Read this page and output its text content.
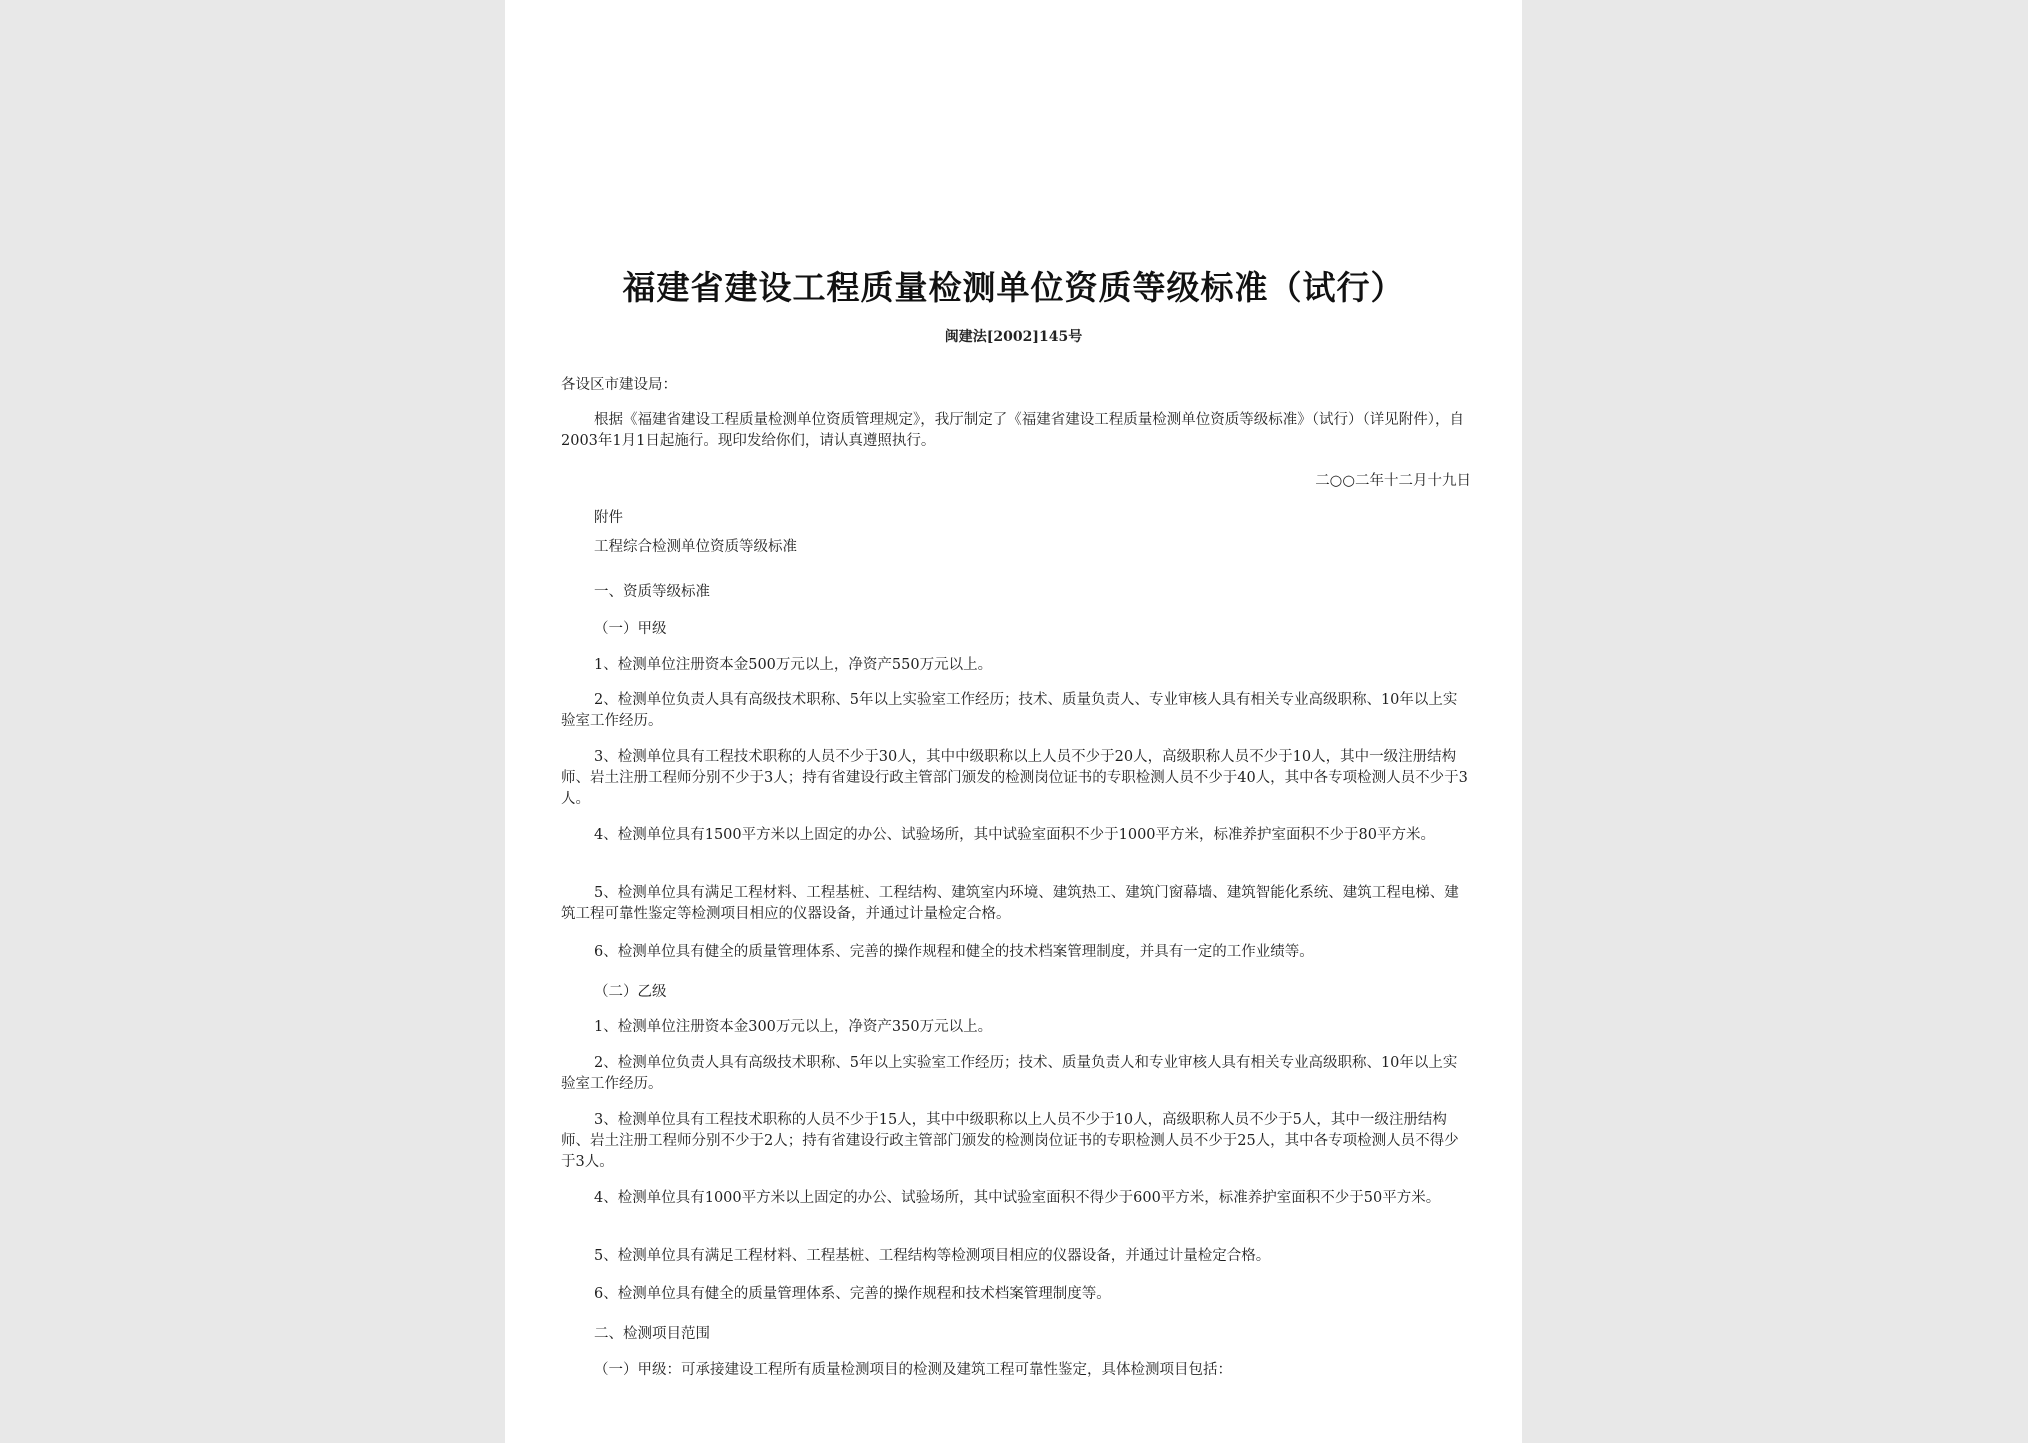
福建省建设工程质量检测单位资质等级标准（试行）
闽建法[2002]145号
各设区市建设局：
根据《福建省建设工程质量检测单位资质管理规定》，我厅制定了《福建省建设工程质量检测单位资质等级标准》（试行）（详见附件），自2003年1月1日起施行。现印发给你们，请认真遵照执行。
二○○二年十二月十九日
附件
工程综合检测单位资质等级标准
一、资质等级标准
（一）甲级
1、检测单位注册资本金500万元以上，净资产550万元以上。
2、检测单位负责人具有高级技术职称、5年以上实验室工作经历；技术、质量负责人、专业审核人具有相关专业高级职称、10年以上实验室工作经历。
3、检测单位具有工程技术职称的人员不少于30人，其中中级职称以上人员不少于20人，高级职称人员不少于10人，其中一级注册结构师、岩土注册工程师分别不少于3人；持有省建设行政主管部门颁发的检测岗位证书的专职检测人员不少于40人，其中各专项检测人员不少于3人。
4、检测单位具有1500平方米以上固定的办公、试验场所，其中试验室面积不少于1000平方米，标准养护室面积不少于80平方米。
5、检测单位具有满足工程材料、工程基桩、工程结构、建筑室内环境、建筑热工、建筑门窗幕墙、建筑智能化系统、建筑工程电梯、建筑工程可靠性鉴定等检测项目相应的仪器设备，并通过计量检定合格。
6、检测单位具有健全的质量管理体系、完善的操作规程和健全的技术档案管理制度，并具有一定的工作业绩等。
（二）乙级
1、检测单位注册资本金300万元以上，净资产350万元以上。
2、检测单位负责人具有高级技术职称、5年以上实验室工作经历；技术、质量负责人和专业审核人具有相关专业高级职称、10年以上实验室工作经历。
3、检测单位具有工程技术职称的人员不少于15人，其中中级职称以上人员不少于10人，高级职称人员不少于5人，其中一级注册结构师、岩土注册工程师分别不少于2人；持有省建设行政主管部门颁发的检测岗位证书的专职检测人员不少于25人，其中各专项检测人员不得少于3人。
4、检测单位具有1000平方米以上固定的办公、试验场所，其中试验室面积不得少于600平方米，标准养护室面积不少于50平方米。
5、检测单位具有满足工程材料、工程基桩、工程结构等检测项目相应的仪器设备，并通过计量检定合格。
6、检测单位具有健全的质量管理体系、完善的操作规程和技术档案管理制度等。
二、检测项目范围
（一）甲级：可承接建设工程所有质量检测项目的检测及建筑工程可靠性鉴定，具体检测项目包括：
